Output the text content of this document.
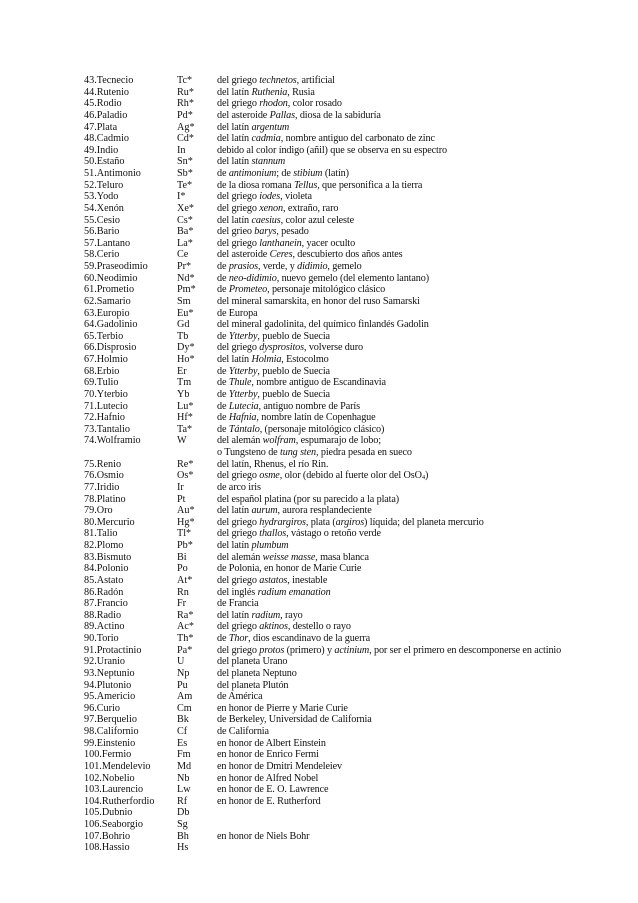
43.Tecnecio	Tc* del griego technetos, artificial
44.Rutenio	Ru* del latín Ruthenia, Rusia
45.Rodio	Rh* del griego rhodon, color rosado
46.Paladio	Pd* del asteroide Pallas, diosa de la sabiduría
47.Plata	Ag* del latín argentum
48.Cadmio	Cd* del latín cadmia, nombre antiguo del carbonato de zinc
49.Indio	In	debido al color índigo (añil) que se observa en su espectro
50.Estaño	Sn* del latín stannum
51.Antimonio	Sb* de antimonium; de stibium (latín)
52.Teluro	Te* de la diosa romana Tellus, que personifica a la tierra
53.Yodo	I*	del griego iodes, violeta
54.Xenón	Xe* del griego xenon, extraño, raro
55.Cesio	Cs* del latín caesius, color azul celeste
56.Bario	Ba* del grieo barys, pesado
57.Lantano	La* del griego lanthanein, yacer oculto
58.Cerio	Ce	del asteroide Ceres, descubierto dos años antes
59.Praseodimio	Pr*	de prasios, verde, y didimio, gemelo
60.Neodimio	Nd* de neo-didimio, nuevo gemelo (del elemento lantano)
61.Prometio	Pm* de Prometeo, personaje mitológico clásico
62.Samario	Sm	del mineral samarskita, en honor del ruso Samarski
63.Europio	Eu* de Europa
64.Gadolinio	Gd	del mineral gadolinita, del químico finlandés Gadolin
65.Terbio	Tb	de Ytterby, pueblo de Suecia
66.Disprosio	Dy* del griego dysprositos, volverse duro
67.Holmio	Ho* del latín Holmia, Estocolmo
68.Erbio	Er	de Ytterby, pueblo de Suecia
69.Tulio	Tm	de Thule, nombre antiguo de Escandinavia
70.Yterbio	Yb	de Ytterby, pueblo de Suecia
71.Lutecio	Lu* de Lutecia, antiguo nombre de París
72.Hafnio	Hf* de Hafnia, nombre latín de Copenhague
73.Tantalio	Ta* de Tántalo, (personaje mitológico clásico)
74.Wolframio	W	del alemán wolfram, espumarajo de lobo;
o Tungsteno de tung sten, piedra pesada en sueco
75.Renio	Re* del latín, Rhenus, el río Rin.
76.Osmio	Os* del griego osme, olor (debido al fuerte olor del OsO$_4$)
77.Iridio	Ir	de arco iris
78.Platino	Pt	del español platina (por su parecido a la plata)
79.Oro	Au* del latín aurum, aurora resplandeciente
80.Mercurio	Hg* del griego hydrargiros, plata (argiros) líquida; del planeta mercurio
81.Talio	Tl*	del griego thallos, vástago o retoño verde
82.Plomo	Pb* del latín plumbum
83.Bismuto	Bi	del alemán weisse masse, masa blanca
84.Polonio	Po	de Polonia, en honor de Marie Curie
85.Astato	At* del griego astatos, inestable
86.Radón	Rn	del inglés radium emanation
87.Francio	Fr	de Francia
88.Radio	Ra* del latín radium, rayo
89.Actino	Ac* del griego aktinos, destello o rayo
90.Torio	Th* de Thor, dios escandinavo de la guerra
91.Protactinio	Pa* del griego protos (primero) y actinium, por ser el primero en descomponerse en actinio
92.Uranio	U	del planeta Urano
93.Neptunio	Np	del planeta Neptuno
94.Plutonio	Pu	del planeta Plutón
95.Americio	Am de América
96.Curio	Cm en honor de Pierre y Marie Curie
97.Berquelio	Bk	de Berkeley, Universidad de California
98.Californio	Cf	de California
99.Einstenio	Es	en honor de Albert Einstein
100.Fermio	Fm	en honor de Enrico Fermi
101.Mendelevio	Md	en honor de Dmitri Mendeleiev
102.Nobelio	Nb	en honor de Alfred Nobel
103.Laurencio	Lw	en honor de E. O. Lawrence
104.Rutherfordio Rf	en honor de E. Rutherford
105.Dubnio	Db
106.Seaborgio	Sg
107.Bohrio	Bh	en honor de Niels Bohr
108.Hassio	Hs
